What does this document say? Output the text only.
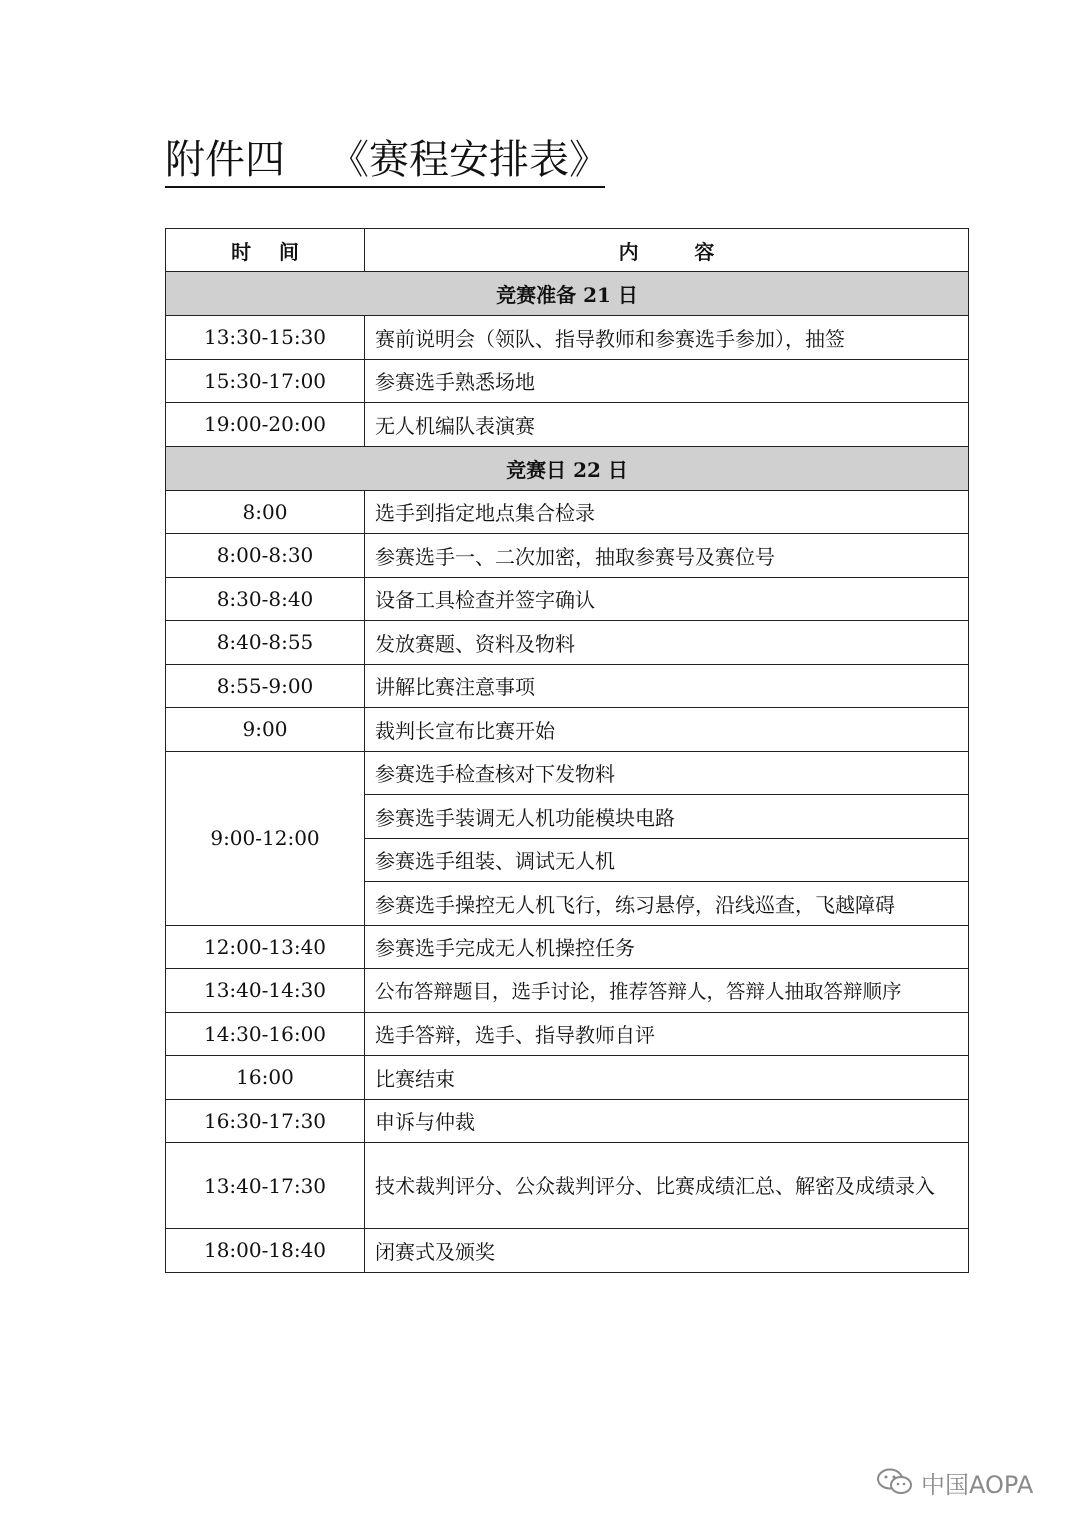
附件四 《赛程安排表》
时    间	内        容
竞赛准备 21 日	
13:30-15:30	赛前说明会（领队、指导教师和参赛选手参加），抽签
15:30-17:00	参赛选手熟悉场地
19:00-20:00	无人机编队表演赛
竞赛日 22 日	
8:00	选手到指定地点集合检录
8:00-8:30	参赛选手一、二次加密，抽取参赛号及赛位号
8:30-8:40	设备工具检查并签字确认
8:40-8:55	发放赛题、资料及物料
8:55-9:00	讲解比赛注意事项
9:00	裁判长宣布比赛开始
9:00-12:00	参赛选手检查核对下发物料
	参赛选手装调无人机功能模块电路
	参赛选手组装、调试无人机
	参赛选手操控无人机飞行，练习悬停，沿线巡查，飞越障碍
12:00-13:40	参赛选手完成无人机操控任务
13:40-14:30	公布答辩题目，选手讨论，推荐答辩人，答辩人抽取答辩顺序
14:30-16:00	选手答辩，选手、指导教师自评
16:00	比赛结束
16:30-17:30	申诉与仲裁
13:40-17:30	技术裁判评分、公众裁判评分、比赛成绩汇总、解密及成绩录入
18:00-18:40	闭赛式及颁奖
中国AOPA
